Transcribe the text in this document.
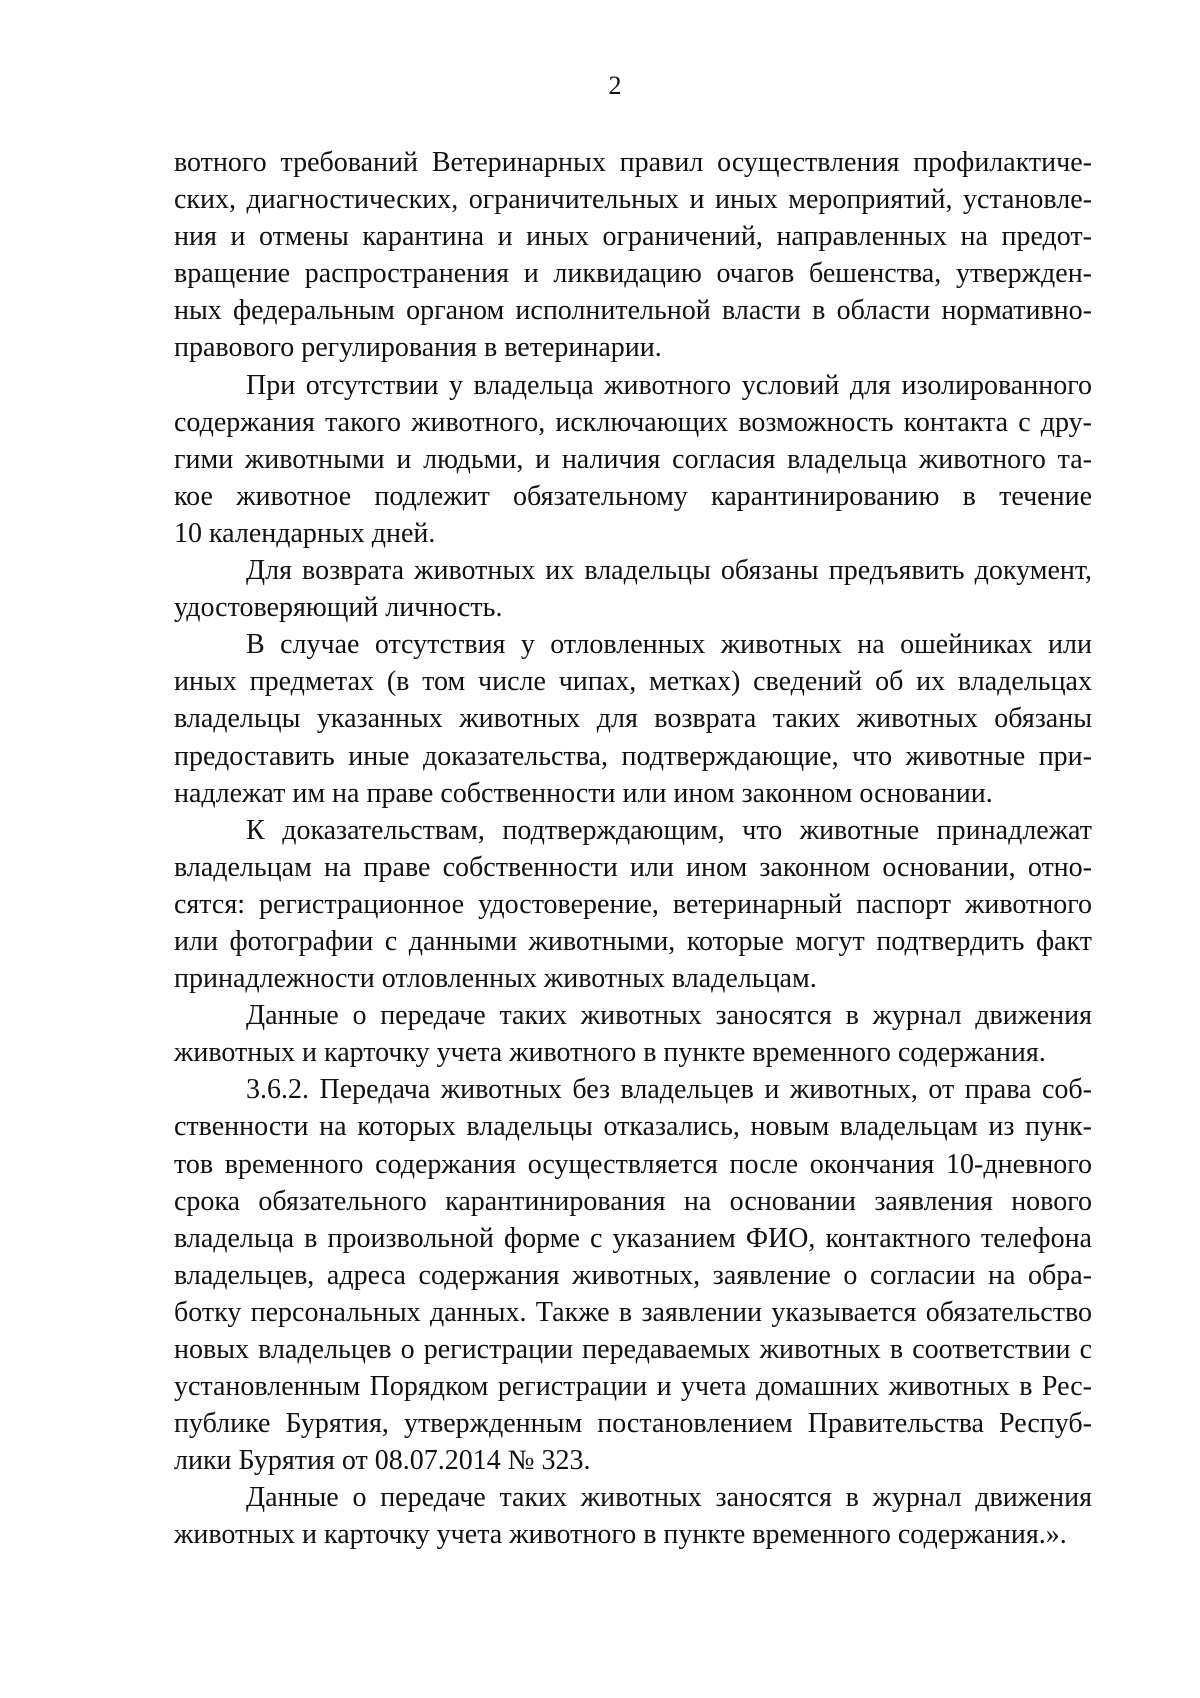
2
вотного требований Ветеринарных правил осуществления профилактиче-
ских, диагностических, ограничительных и иных мероприятий, установле-
ния и отмены карантина и иных ограничений, направленных на предот-
вращение распространения и ликвидацию очагов бешенства, утвержден-
ных федеральным органом исполнительной власти в области нормативно-
правового регулирования в ветеринарии.
При отсутствии у владельца животного условий для изолированного
содержания такого животного, исключающих возможность контакта с дру-
гими животными и людьми, и наличия согласия владельца животного та-
кое животное подлежит обязательному карантинированию в течение
10 календарных дней.
Для возврата животных их владельцы обязаны предъявить документ,
удостоверяющий личность.
В случае отсутствия у отловленных животных на ошейниках или
иных предметах (в том числе чипах, метках) сведений об их владельцах
владельцы указанных животных для возврата таких животных обязаны
предоставить иные доказательства, подтверждающие, что животные при-
надлежат им на праве собственности или ином законном основании.
К доказательствам, подтверждающим, что животные принадлежат
владельцам на праве собственности или ином законном основании, отно-
сятся: регистрационное удостоверение, ветеринарный паспорт животного
или фотографии с данными животными, которые могут подтвердить факт
принадлежности отловленных животных владельцам.
Данные о передаче таких животных заносятся в журнал движения
животных и карточку учета животного в пункте временного содержания.
3.6.2. Передача животных без владельцев и животных, от права соб-
ственности на которых владельцы отказались, новым владельцам из пунк-
тов временного содержания осуществляется после окончания 10-дневного
срока обязательного карантинирования на основании заявления нового
владельца в произвольной форме с указанием ФИО, контактного телефона
владельцев, адреса содержания животных, заявление о согласии на обра-
ботку персональных данных. Также в заявлении указывается обязательство
новых владельцев о регистрации передаваемых животных в соответствии с
установленным Порядком регистрации и учета домашних животных в Рес-
публике Бурятия, утвержденным постановлением Правительства Респуб-
лики Бурятия от 08.07.2014 № 323.
Данные о передаче таких животных заносятся в журнал движения
животных и карточку учета животного в пункте временного содержания.».
